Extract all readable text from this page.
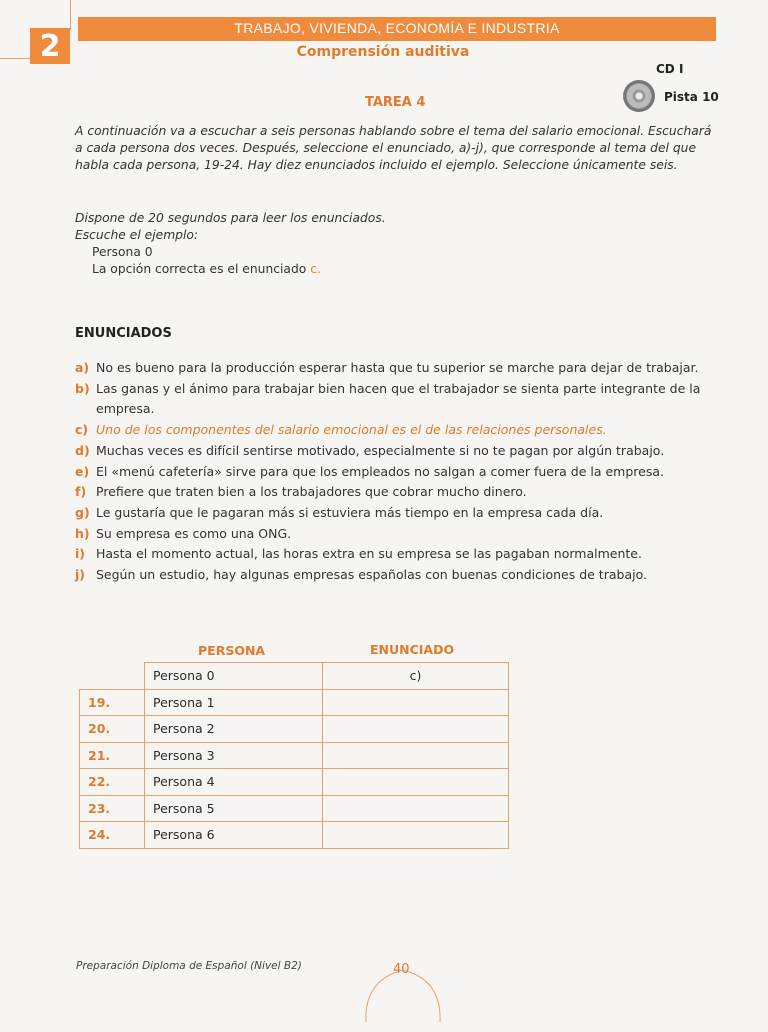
2
TRABAJO, VIVIENDA, ECONOMÍA E INDUSTRIA
Comprensión auditiva
CD I
Pista 10
TAREA 4
A continuación va a escuchar a seis personas hablando sobre el tema del salario emocional. Escuchará a cada persona dos veces. Después, seleccione el enunciado, a)-j), que corresponde al tema del que habla cada persona, 19-24. Hay diez enunciados incluido el ejemplo. Seleccione únicamente seis.
Dispone de 20 segundos para leer los enunciados.
Escuche el ejemplo:
Persona 0
La opción correcta es el enunciado c.
ENUNCIADOS
a) No es bueno para la producción esperar hasta que tu superior se marche para dejar de trabajar.
b) Las ganas y el ánimo para trabajar bien hacen que el trabajador se sienta parte integrante de la empresa.
c) Uno de los componentes del salario emocional es el de las relaciones personales.
d) Muchas veces es difícil sentirse motivado, especialmente si no te pagan por algún trabajo.
e) El «menú cafetería» sirve para que los empleados no salgan a comer fuera de la empresa.
f) Prefiere que traten bien a los trabajadores que cobrar mucho dinero.
g) Le gustaría que le pagaran más si estuviera más tiempo en la empresa cada día.
h) Su empresa es como una ONG.
i) Hasta el momento actual, las horas extra en su empresa se las pagaban normalmente.
j) Según un estudio, hay algunas empresas españolas con buenas condiciones de trabajo.
PERSONA	ENUNCIADO
	Persona 0	c)
19.	Persona 1	
20.	Persona 2	
21.	Persona 3	
22.	Persona 4	
23.	Persona 5	
24.	Persona 6	
Preparación Diploma de Español (Nivel B2)	40
